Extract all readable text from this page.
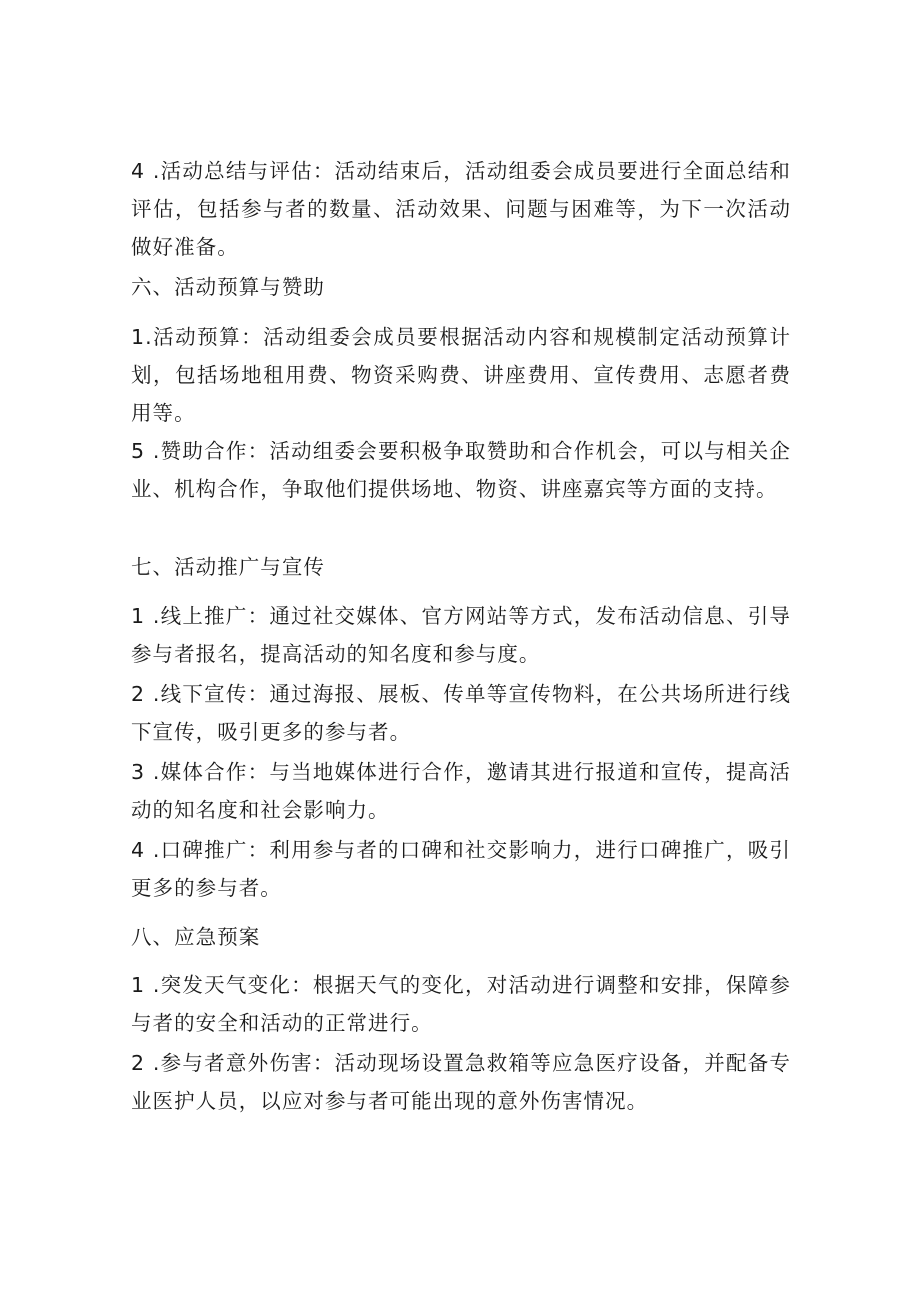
4 .活动总结与评估：活动结束后，活动组委会成员要进行全面总结和评估，包括参与者的数量、活动效果、问题与困难等，为下一次活动做好准备。

六、活动预算与赞助

1.活动预算：活动组委会成员要根据活动内容和规模制定活动预算计划，包括场地租用费、物资采购费、讲座费用、宣传费用、志愿者费用等。

5 .赞助合作：活动组委会要积极争取赞助和合作机会，可以与相关企业、机构合作，争取他们提供场地、物资、讲座嘉宾等方面的支持。

七、活动推广与宣传

1 .线上推广：通过社交媒体、官方网站等方式，发布活动信息、引导参与者报名，提高活动的知名度和参与度。

2 .线下宣传：通过海报、展板、传单等宣传物料，在公共场所进行线下宣传，吸引更多的参与者。

3 .媒体合作：与当地媒体进行合作，邀请其进行报道和宣传，提高活动的知名度和社会影响力。

4 .口碑推广：利用参与者的口碑和社交影响力，进行口碑推广，吸引更多的参与者。

八、应急预案

1 .突发天气变化：根据天气的变化，对活动进行调整和安排，保障参与者的安全和活动的正常进行。

2 .参与者意外伤害：活动现场设置急救箱等应急医疗设备，并配备专业医护人员，以应对参与者可能出现的意外伤害情况。
